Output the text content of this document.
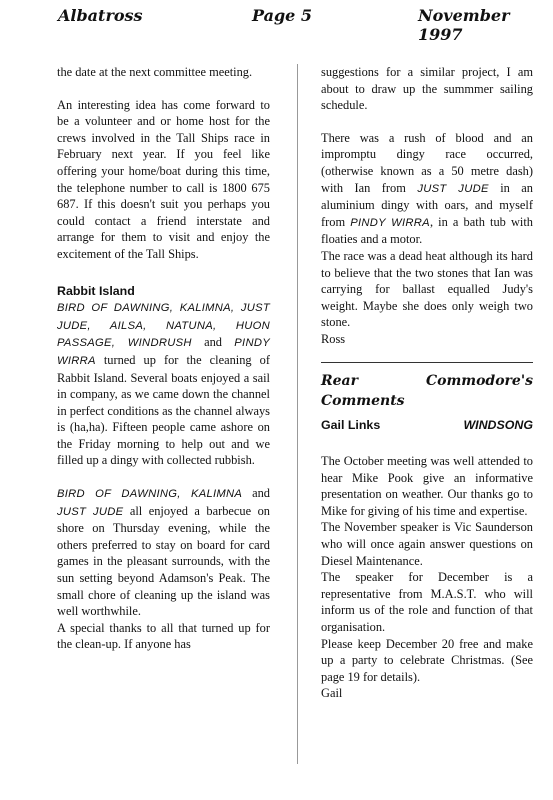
Albatross	Page 5	November 1997

the date at the next committee meeting.

An interesting idea has come forward to be a volunteer and or home host for the crews involved in the Tall Ships race in February next year. If you feel like offering your home/boat during this time, the telephone number to call is 1800 675 687. If this doesn't suit you perhaps you could contact a friend interstate and arrange for them to visit and enjoy the excitement of the Tall Ships.

Rabbit Island

BIRD OF DAWNING, KALIMNA, JUST JUDE, AILSA, NATUNA, HUON PASSAGE, WINDRUSH and PINDY WIRRA turned up for the cleaning of Rabbit Island. Several boats enjoyed a sail in company, as we came down the channel in perfect conditions as the channel always is (ha,ha). Fifteen people came ashore on the Friday morning to help out and we filled up a dingy with collected rubbish.

BIRD OF DAWNING, KALIMNA and JUST JUDE all enjoyed a barbecue on shore on Thursday evening, while the others preferred to stay on board for card games in the pleasant surrounds, with the sun setting beyond Adamson's Peak. The small chore of cleaning up the island was well worthwhile.

A special thanks to all that turned up for the clean-up. If anyone has

suggestions for a similar project, I am about to draw up the summmer sailing schedule.

There was a rush of blood and an impromptu dingy race occurred, (otherwise known as a 50 metre dash) with Ian from JUST JUDE in an aluminium dingy with oars, and myself from PINDY WIRRA, in a bath tub with floaties and a motor.

The race was a dead heat although its hard to believe that the two stones that Ian was carrying for ballast equalled Judy's weight. Maybe she does only weigh two stone.

Ross

Rear Commodore's Comments

Gail Links	WINDSONG

The October meeting was well attended to hear Mike Pook give an informative presentation on weather. Our thanks go to Mike for giving of his time and expertise.

The November speaker is Vic Saunderson who will once again answer questions on Diesel Maintenance.

The speaker for December is a representative from M.A.S.T. who will inform us of the role and function of that organisation.

Please keep December 20 free and make up a party to celebrate Christmas. (See page 19 for details).

Gail
